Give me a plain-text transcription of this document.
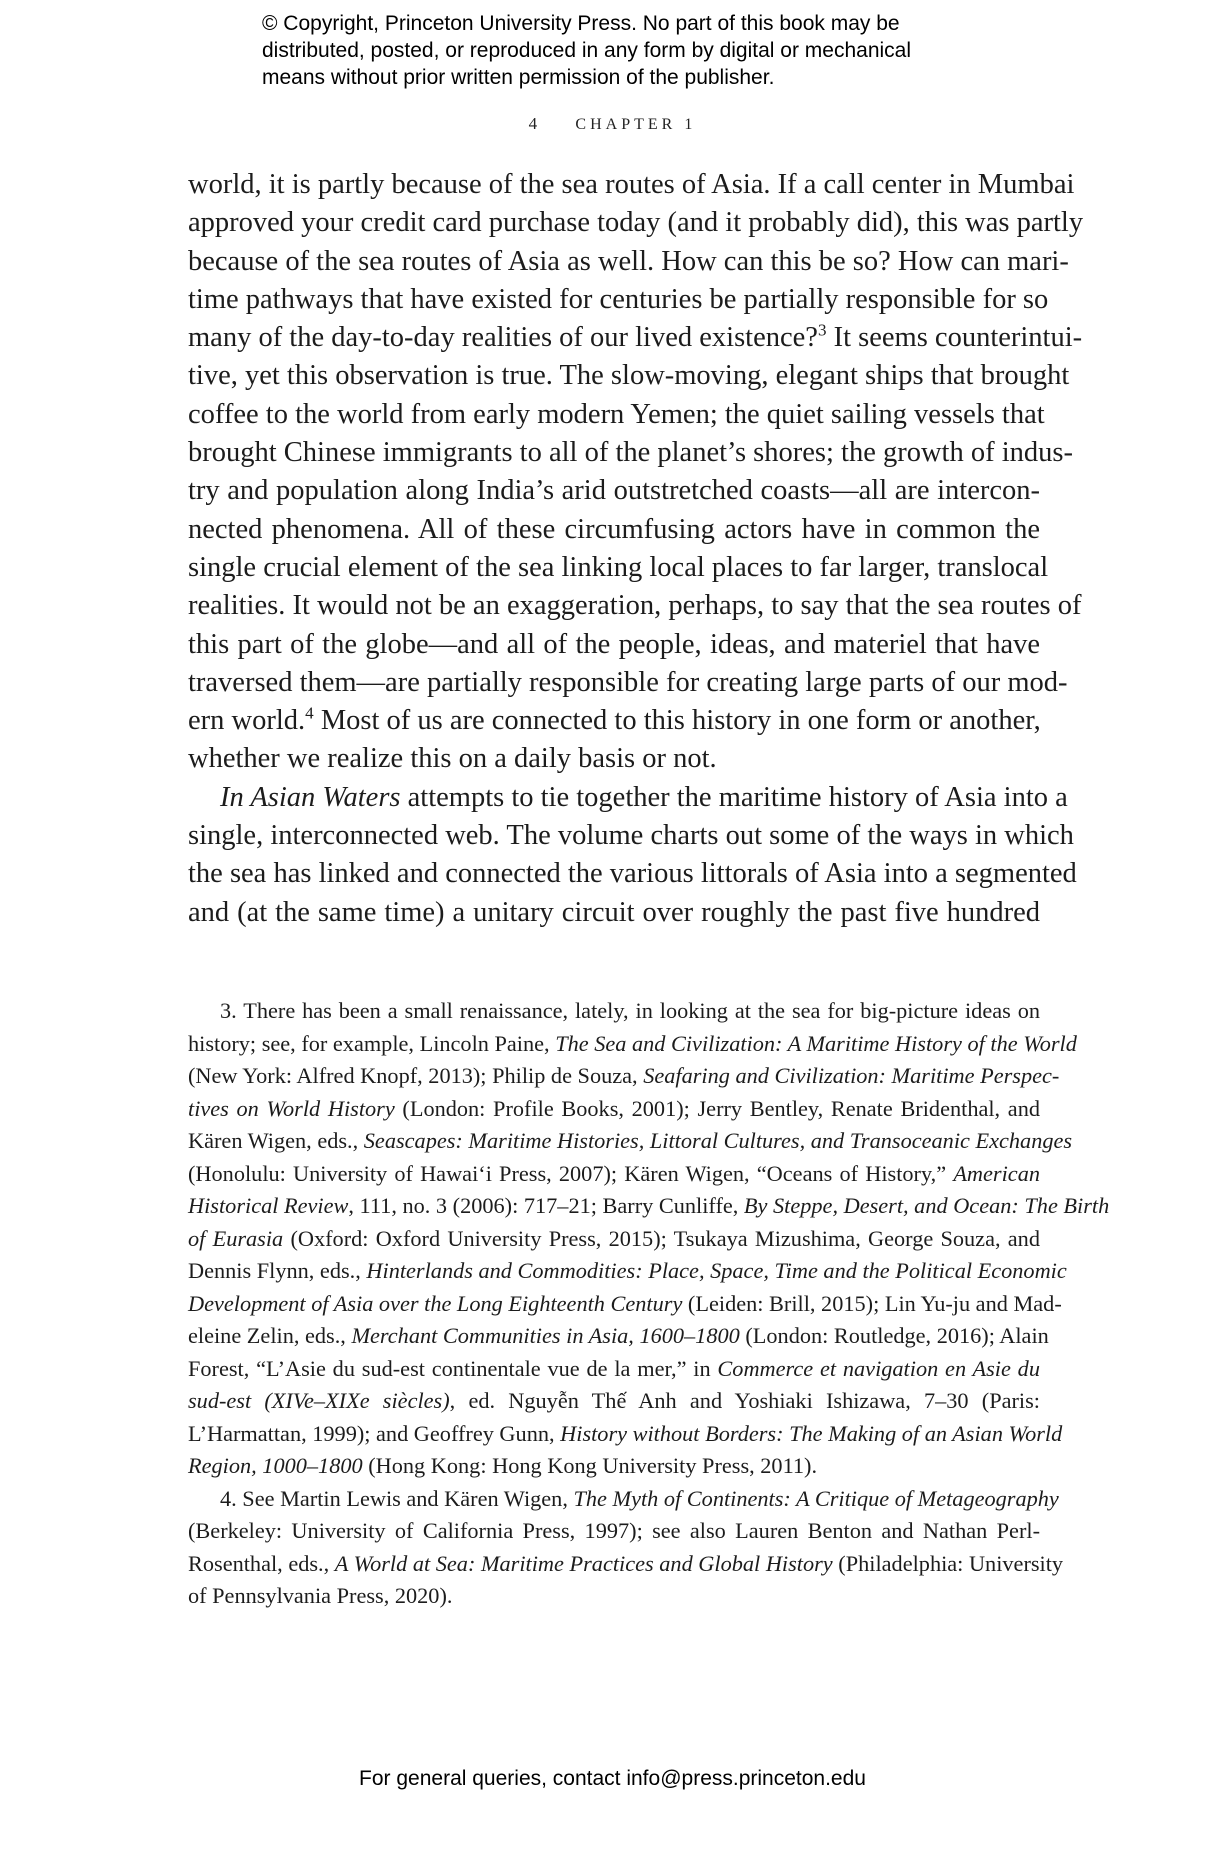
© Copyright, Princeton University Press. No part of this book may be
distributed, posted, or reproduced in any form by digital or mechanical
means without prior written permission of the publisher.
4 CHAPTER 1
world, it is partly because of the sea routes of Asia. If a call center in Mumbai
approved your credit card purchase today (and it probably did), this was partly
because of the sea routes of Asia as well. How can this be so? How can mari-
time pathways that have existed for centuries be partially responsible for so
many of the day-to-day realities of our lived existence?$^3$ It seems counterintui-
tive, yet this observation is true. The slow-moving, elegant ships that brought
coffee to the world from early modern Yemen; the quiet sailing vessels that
brought Chinese immigrants to all of the planet’s shores; the growth of indus-
try and population along India’s arid outstretched coasts—all are intercon-
nected phenomena. All of these circumfusing actors have in common the
single crucial element of the sea linking local places to far larger, translocal
realities. It would not be an exaggeration, perhaps, to say that the sea routes of
this part of the globe—and all of the people, ideas, and materiel that have
traversed them—are partially responsible for creating large parts of our mod-
ern world.$^4$ Most of us are connected to this history in one form or another,
whether we realize this on a daily basis or not.
In Asian Waters attempts to tie together the maritime history of Asia into a
single, interconnected web. The volume charts out some of the ways in which
the sea has linked and connected the various littorals of Asia into a segmented
and (at the same time) a unitary circuit over roughly the past five hundred
3. There has been a small renaissance, lately, in looking at the sea for big-picture ideas on
history; see, for example, Lincoln Paine, The Sea and Civilization: A Maritime History of the World
(New York: Alfred Knopf, 2013); Philip de Souza, Seafaring and Civilization: Maritime Perspec-
tives on World History (London: Profile Books, 2001); Jerry Bentley, Renate Bridenthal, and
Kären Wigen, eds., Seascapes: Maritime Histories, Littoral Cultures, and Transoceanic Exchanges
(Honolulu: University of Hawai‘i Press, 2007); Kären Wigen, “Oceans of History,” American
Historical Review, 111, no. 3 (2006): 717–21; Barry Cunliffe, By Steppe, Desert, and Ocean: The Birth
of Eurasia (Oxford: Oxford University Press, 2015); Tsukaya Mizushima, George Souza, and
Dennis Flynn, eds., Hinterlands and Commodities: Place, Space, Time and the Political Economic
Development of Asia over the Long Eighteenth Century (Leiden: Brill, 2015); Lin Yu-ju and Mad-
eleine Zelin, eds., Merchant Communities in Asia, 1600–1800 (London: Routledge, 2016); Alain
Forest, “L’Asie du sud-est continentale vue de la mer,” in Commerce et navigation en Asie du
sud-est (XIVe–XIXe siècles), ed. Nguyễn Thế Anh and Yoshiaki Ishizawa, 7–30 (Paris:
L’Harmattan, 1999); and Geoffrey Gunn, History without Borders: The Making of an Asian World
Region, 1000–1800 (Hong Kong: Hong Kong University Press, 2011).
4. See Martin Lewis and Kären Wigen, The Myth of Continents: A Critique of Metageography
(Berkeley: University of California Press, 1997); see also Lauren Benton and Nathan Perl-
Rosenthal, eds., A World at Sea: Maritime Practices and Global History (Philadelphia: University
of Pennsylvania Press, 2020).
For general queries, contact info@press.princeton.edu
